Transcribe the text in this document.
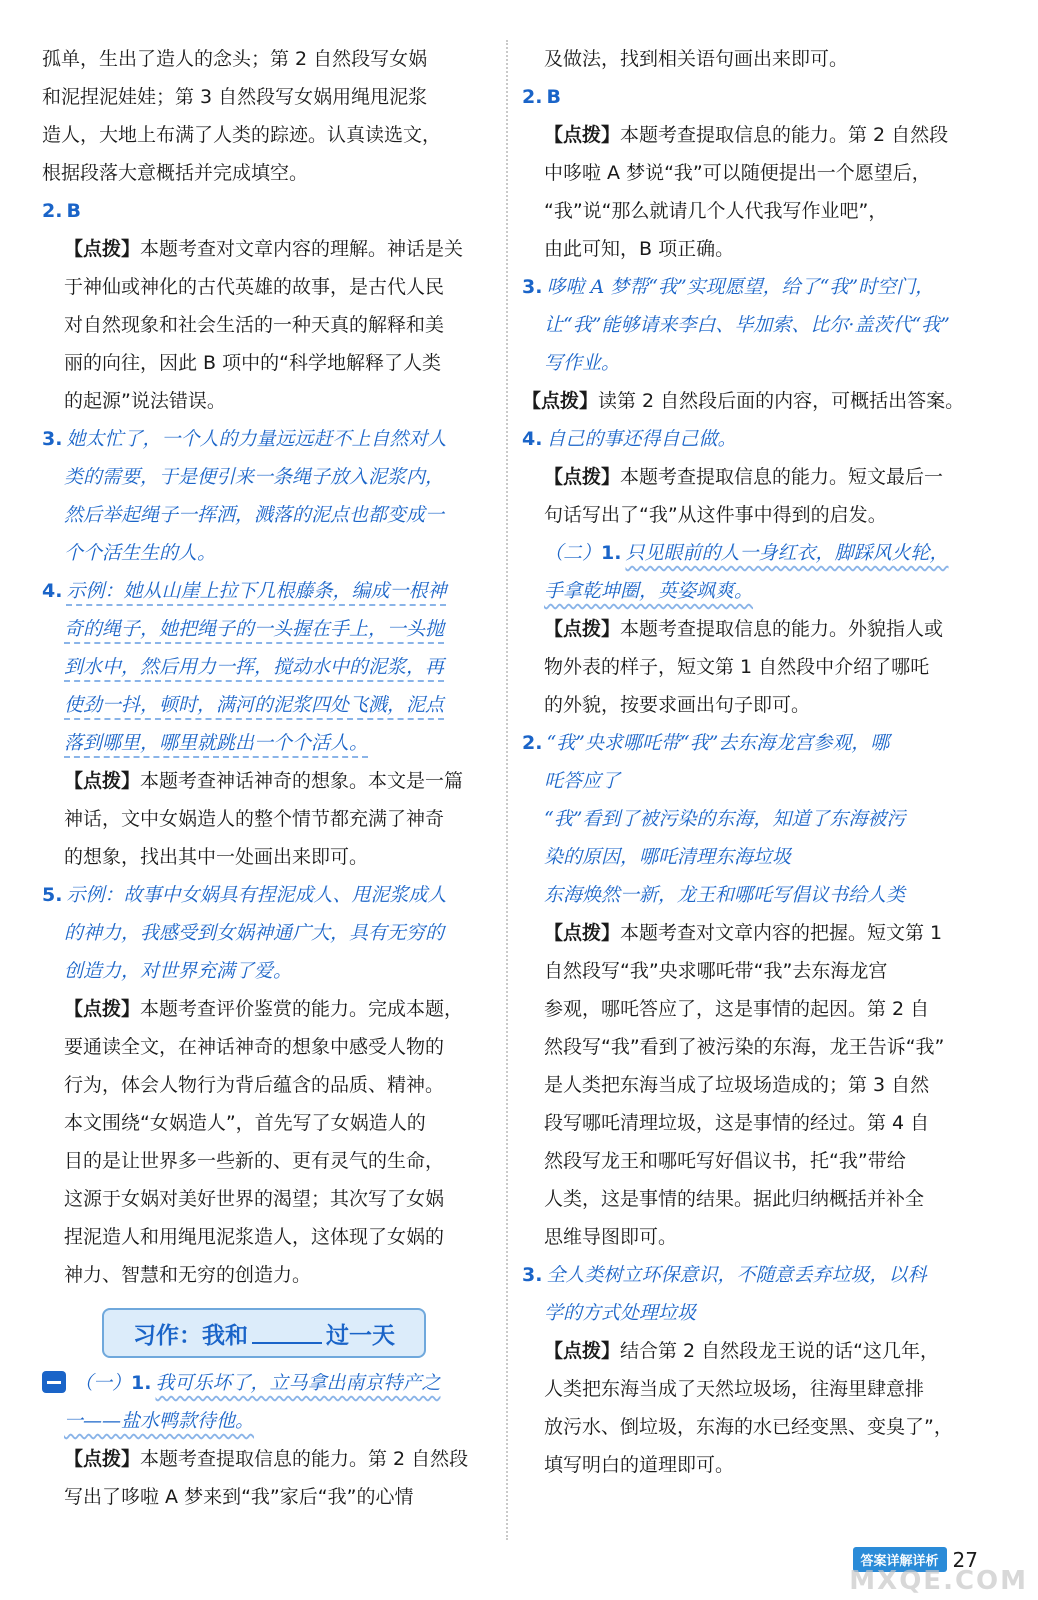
孤单，生出了造人的念头；第 2 自然段写女娲
和泥捏泥娃娃；第 3 自然段写女娲用绳甩泥浆
造人，大地上布满了人类的踪迹。认真读选文，
根据段落大意概括并完成填空。
2. B
【点拨】本题考查对文章内容的理解。神话是关
于神仙或神化的古代英雄的故事，是古代人民
对自然现象和社会生活的一种天真的解释和美
丽的向往，因此 B 项中的“科学地解释了人类
的起源”说法错误。
3. 她太忙了，一个人的力量远远赶不上自然对人
类的需要，于是便引来一条绳子放入泥浆内，
然后举起绳子一挥洒，溅落的泥点也都变成一
个个活生生的人。
4. 示例：她从山崖上拉下几根藤条，编成一根神
奇的绳子，她把绳子的一头握在手上，一头抛
到水中，然后用力一挥，搅动水中的泥浆，再
使劲一抖，顿时，满河的泥浆四处飞溅，泥点
落到哪里，哪里就跳出一个个活人。
【点拨】本题考查神话神奇的想象。本文是一篇
神话，文中女娲造人的整个情节都充满了神奇
的想象，找出其中一处画出来即可。
5. 示例：故事中女娲具有捏泥成人、甩泥浆成人
的神力，我感受到女娲神通广大，具有无穷的
创造力，对世界充满了爱。
【点拨】本题考查评价鉴赏的能力。完成本题，
要通读全文，在神话神奇的想象中感受人物的
行为，体会人物行为背后蕴含的品质、精神。
本文围绕“女娲造人”，首先写了女娲造人的
目的是让世界多一些新的、更有灵气的生命，
这源于女娲对美好世界的渴望；其次写了女娲
捏泥造人和用绳甩泥浆造人，这体现了女娲的
神力、智慧和无穷的创造力。
习作：我和	过一天
（一）1. 我可乐坏了，立马拿出南京特产之
一——盐水鸭款待他。
【点拨】本题考查提取信息的能力。第 2 自然段
写出了哆啦 A 梦来到“我”家后“我”的心情
及做法，找到相关语句画出来即可。
2. B
【点拨】本题考查提取信息的能力。第 2 自然段
中哆啦 A 梦说“我”可以随便提出一个愿望后，
“我”说“那么就请几个人代我写作业吧”，
由此可知，B 项正确。
3. 哆啦 A 梦帮“我”实现愿望，给了“我”时空门，
让“我”能够请来李白、毕加索、比尔·盖茨代“我”
写作业。
【点拨】读第 2 自然段后面的内容，可概括出答案。
4. 自己的事还得自己做。
【点拨】本题考查提取信息的能力。短文最后一
句话写出了“我”从这件事中得到的启发。
（二）1. 只见眼前的人一身红衣，脚踩风火轮，
手拿乾坤圈，英姿飒爽。
【点拨】本题考查提取信息的能力。外貌指人或
物外表的样子，短文第 1 自然段中介绍了哪吒
的外貌，按要求画出句子即可。
2. “我”央求哪吒带“我”去东海龙宫参观，哪
吒答应了
“我”看到了被污染的东海，知道了东海被污
染的原因，哪吒清理东海垃圾
东海焕然一新，龙王和哪吒写倡议书给人类
【点拨】本题考查对文章内容的把握。短文第 1
自然段写“我”央求哪吒带“我”去东海龙宫
参观，哪吒答应了，这是事情的起因。第 2 自
然段写“我”看到了被污染的东海，龙王告诉“我”
是人类把东海当成了垃圾场造成的；第 3 自然
段写哪吒清理垃圾，这是事情的经过。第 4 自
然段写龙王和哪吒写好倡议书，托“我”带给
人类，这是事情的结果。据此归纳概括并补全
思维导图即可。
3. 全人类树立环保意识，不随意丢弃垃圾，以科
学的方式处理垃圾
【点拨】结合第 2 自然段龙王说的话“这几年，
人类把东海当成了天然垃圾场，往海里肆意排
放污水、倒垃圾，东海的水已经变黑、变臭了”，
填写明白的道理即可。
答案详解详析 27
MXQE.COM
